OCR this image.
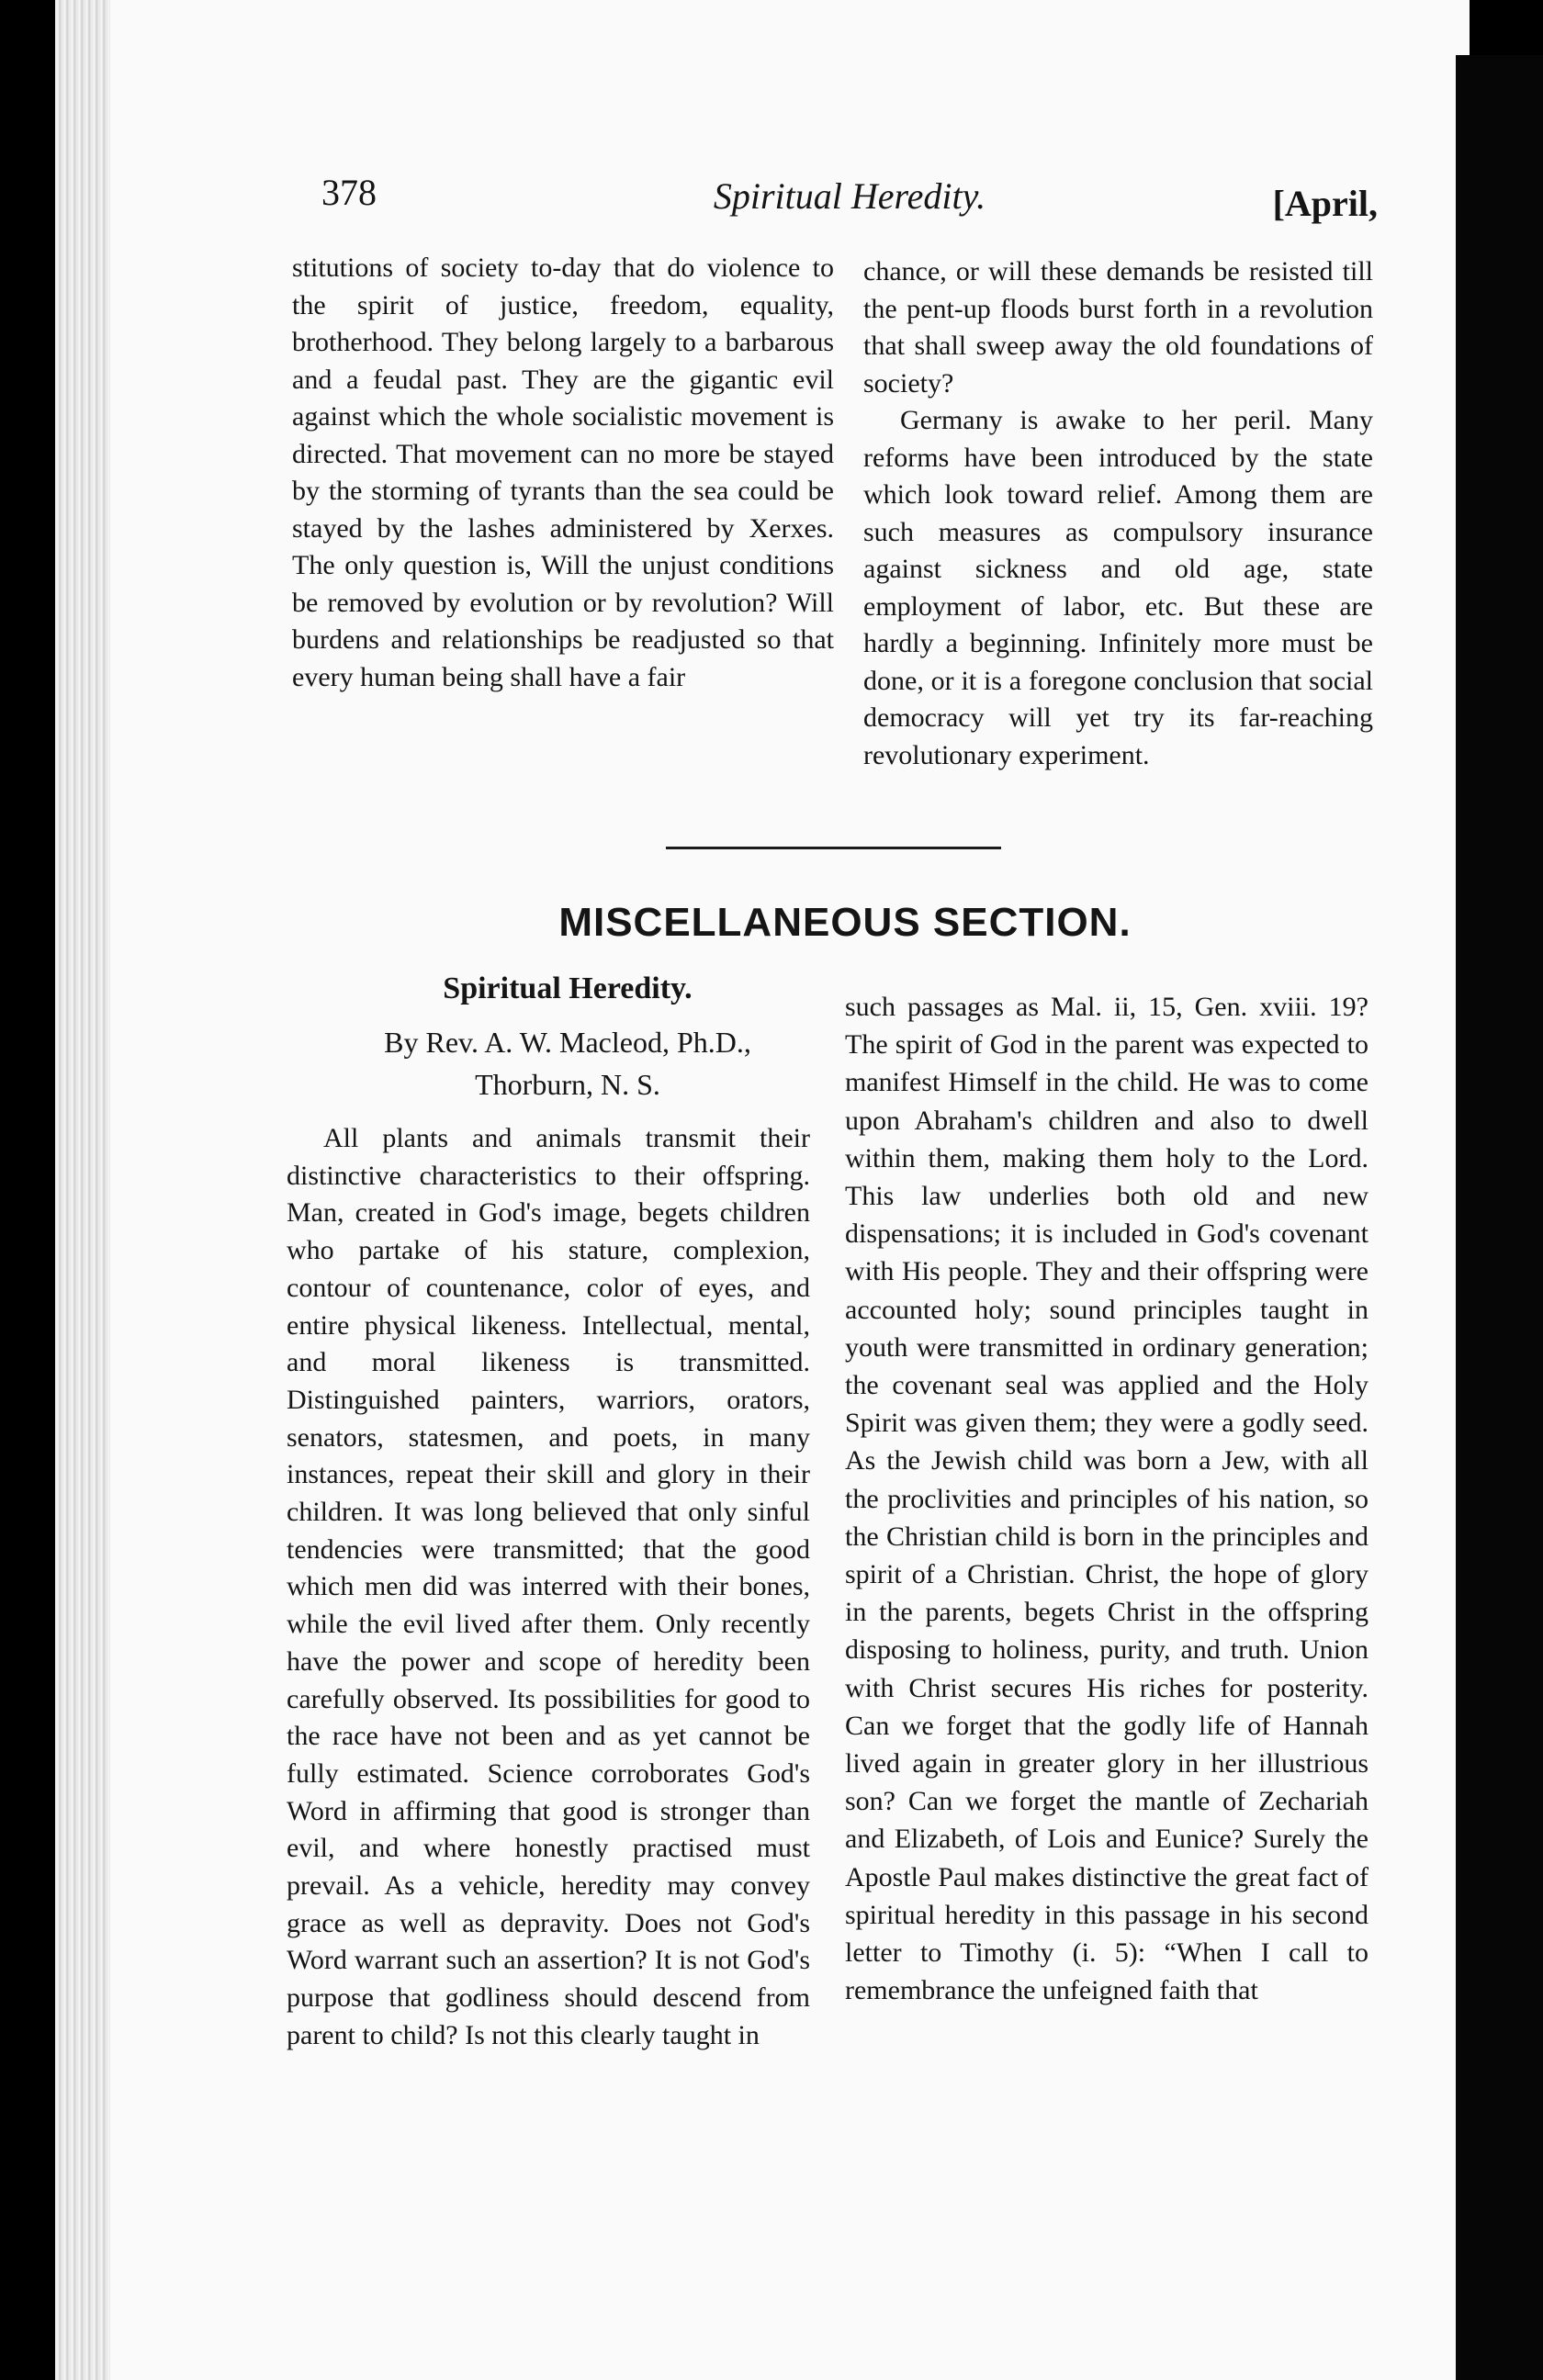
378	Spiritual Heredity.	[April,

stitutions of society to-day that do violence to the spirit of justice, freedom, equality, brotherhood. They belong largely to a barbarous and a feudal past. They are the gigantic evil against which the whole socialistic movement is directed. That movement can no more be stayed by the storming of tyrants than the sea could be stayed by the lashes administered by Xerxes. The only question is, Will the unjust conditions be removed by evolution or by revolution? Will burdens and relationships be readjusted so that every human being shall have a fair

chance, or will these demands be resisted till the pent-up floods burst forth in a revolution that shall sweep away the old foundations of society?

Germany is awake to her peril. Many reforms have been introduced by the state which look toward relief. Among them are such measures as compulsory insurance against sickness and old age, state employment of labor, etc. But these are hardly a beginning. Infinitely more must be done, or it is a foregone conclusion that social democracy will yet try its far-reaching revolutionary experiment.

MISCELLANEOUS SECTION.
Spiritual Heredity.
By Rev. A. W. Macleod, Ph.D.,
Thorburn, N. S.

All plants and animals transmit their distinctive characteristics to their offspring. Man, created in God's image, begets children who partake of his stature, complexion, contour of countenance, color of eyes, and entire physical likeness. Intellectual, mental, and moral likeness is transmitted. Distinguished painters, warriors, orators, senators, statesmen, and poets, in many instances, repeat their skill and glory in their children. It was long believed that only sinful tendencies were transmitted; that the good which men did was interred with their bones, while the evil lived after them. Only recently have the power and scope of heredity been carefully observed. Its possibilities for good to the race have not been and as yet cannot be fully estimated. Science corroborates God's Word in affirming that good is stronger than evil, and where honestly practised must prevail. As a vehicle, heredity may convey grace as well as depravity. Does not God's Word warrant such an assertion? It is not God's purpose that godliness should descend from parent to child? Is not this clearly taught in

such passages as Mal. ii, 15, Gen. xviii. 19? The spirit of God in the parent was expected to manifest Himself in the child. He was to come upon Abraham's children and also to dwell within them, making them holy to the Lord. This law underlies both old and new dispensations; it is included in God's covenant with His people. They and their offspring were accounted holy; sound principles taught in youth were transmitted in ordinary generation; the covenant seal was applied and the Holy Spirit was given them; they were a godly seed. As the Jewish child was born a Jew, with all the proclivities and principles of his nation, so the Christian child is born in the principles and spirit of a Christian. Christ, the hope of glory in the parents, begets Christ in the offspring disposing to holiness, purity, and truth. Union with Christ secures His riches for posterity. Can we forget that the godly life of Hannah lived again in greater glory in her illustrious son? Can we forget the mantle of Zechariah and Elizabeth, of Lois and Eunice? Surely the Apostle Paul makes distinctive the great fact of spiritual heredity in this passage in his second letter to Timothy (i. 5): “When I call to remembrance the unfeigned faith that
